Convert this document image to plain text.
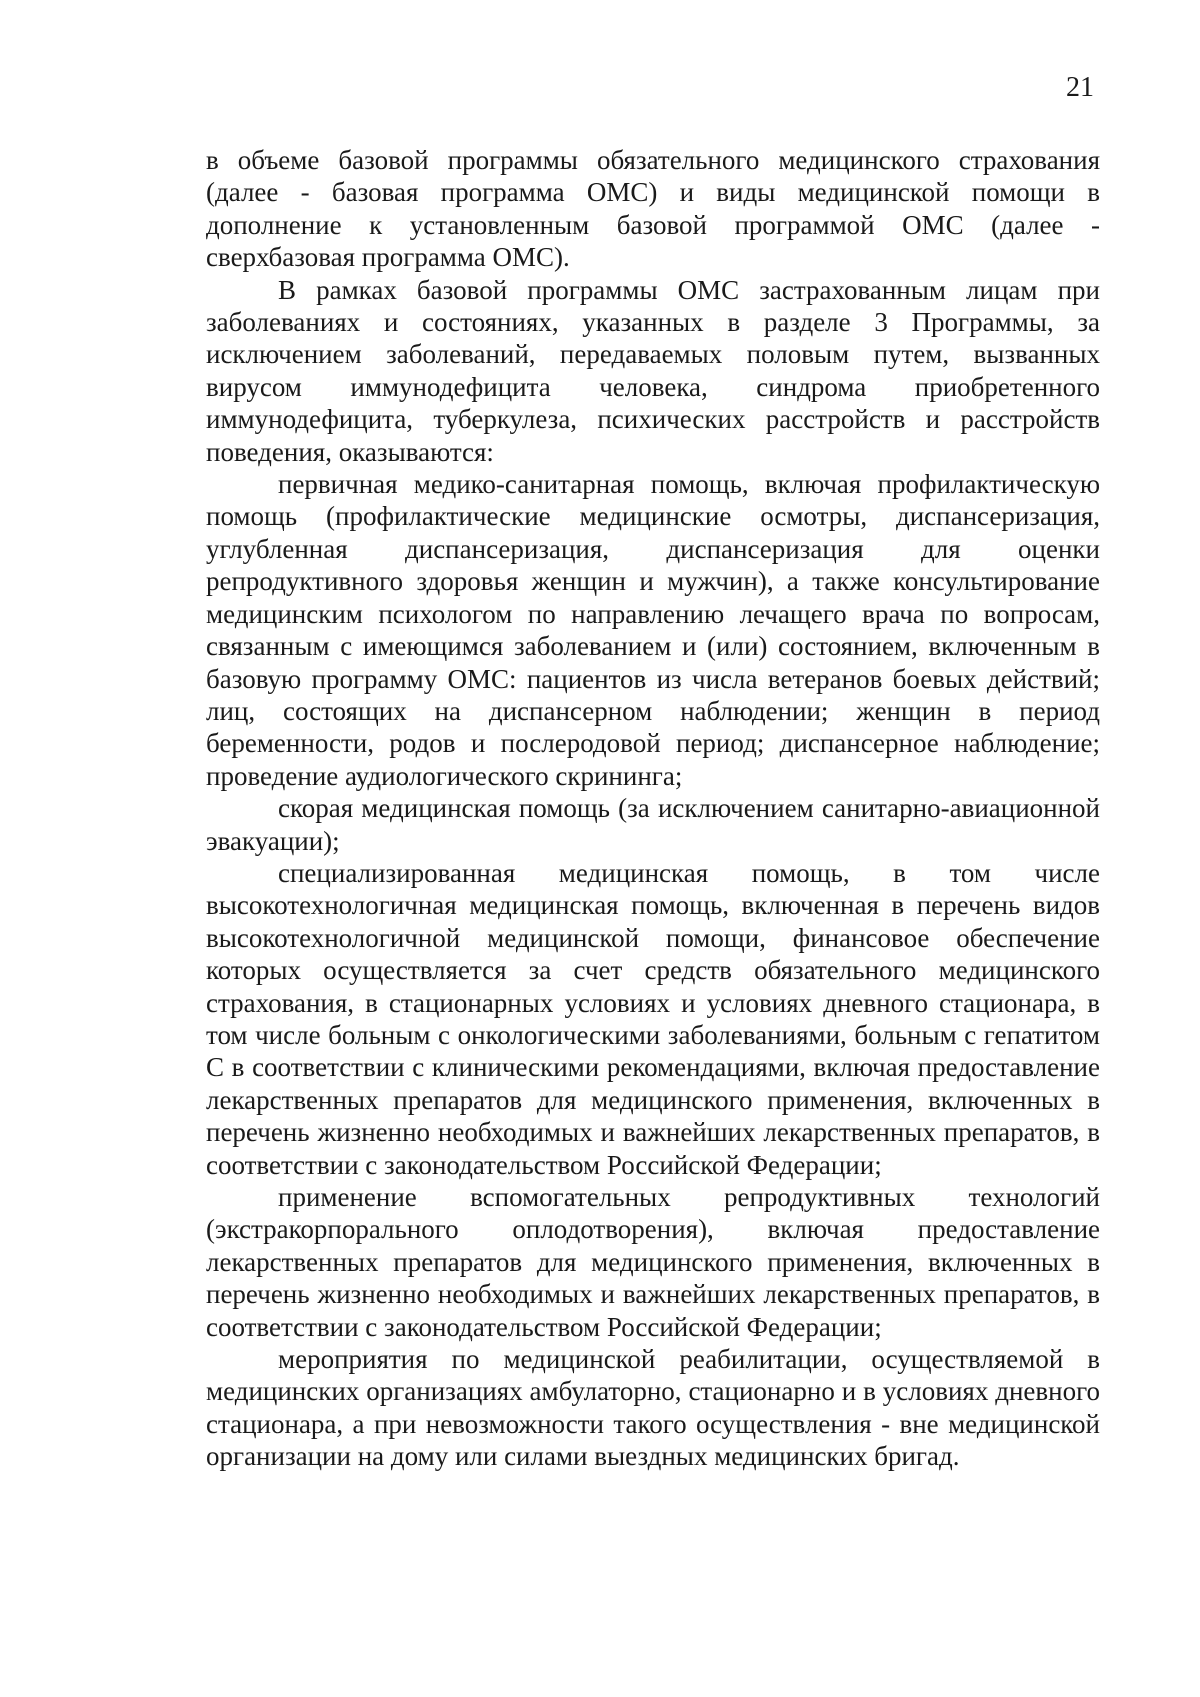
21

в объеме базовой программы обязательного медицинского страхования (далее - базовая программа ОМС) и виды медицинской помощи в дополнение к установленным базовой программой ОМС (далее - сверхбазовая программа ОМС).

В рамках базовой программы ОМС застрахованным лицам при заболеваниях и состояниях, указанных в разделе 3 Программы, за исключением заболеваний, передаваемых половым путем, вызванных вирусом иммунодефицита человека, синдрома приобретенного иммунодефицита, туберкулеза, психических расстройств и расстройств поведения, оказываются:

первичная медико-санитарная помощь, включая профилактическую помощь (профилактические медицинские осмотры, диспансеризация, углубленная диспансеризация, диспансеризация для оценки репродуктивного здоровья женщин и мужчин), а также консультирование медицинским психологом по направлению лечащего врача по вопросам, связанным с имеющимся заболеванием и (или) состоянием, включенным в базовую программу ОМС: пациентов из числа ветеранов боевых действий; лиц, состоящих на диспансерном наблюдении; женщин в период беременности, родов и послеродовой период; диспансерное наблюдение; проведение аудиологического скрининга;

скорая медицинская помощь (за исключением санитарно-авиационной эвакуации);

специализированная медицинская помощь, в том числе высокотехнологичная медицинская помощь, включенная в перечень видов высокотехнологичной медицинской помощи, финансовое обеспечение которых осуществляется за счет средств обязательного медицинского страхования, в стационарных условиях и условиях дневного стационара, в том числе больным с онкологическими заболеваниями, больным с гепатитом С в соответствии с клиническими рекомендациями, включая предоставление лекарственных препаратов для медицинского применения, включенных в перечень жизненно необходимых и важнейших лекарственных препаратов, в соответствии с законодательством Российской Федерации;

применение вспомогательных репродуктивных технологий (экстракорпорального оплодотворения), включая предоставление лекарственных препаратов для медицинского применения, включенных в перечень жизненно необходимых и важнейших лекарственных препаратов, в соответствии с законодательством Российской Федерации;

мероприятия по медицинской реабилитации, осуществляемой в медицинских организациях амбулаторно, стационарно и в условиях дневного стационара, а при невозможности такого осуществления - вне медицинской организации на дому или силами выездных медицинских бригад.
